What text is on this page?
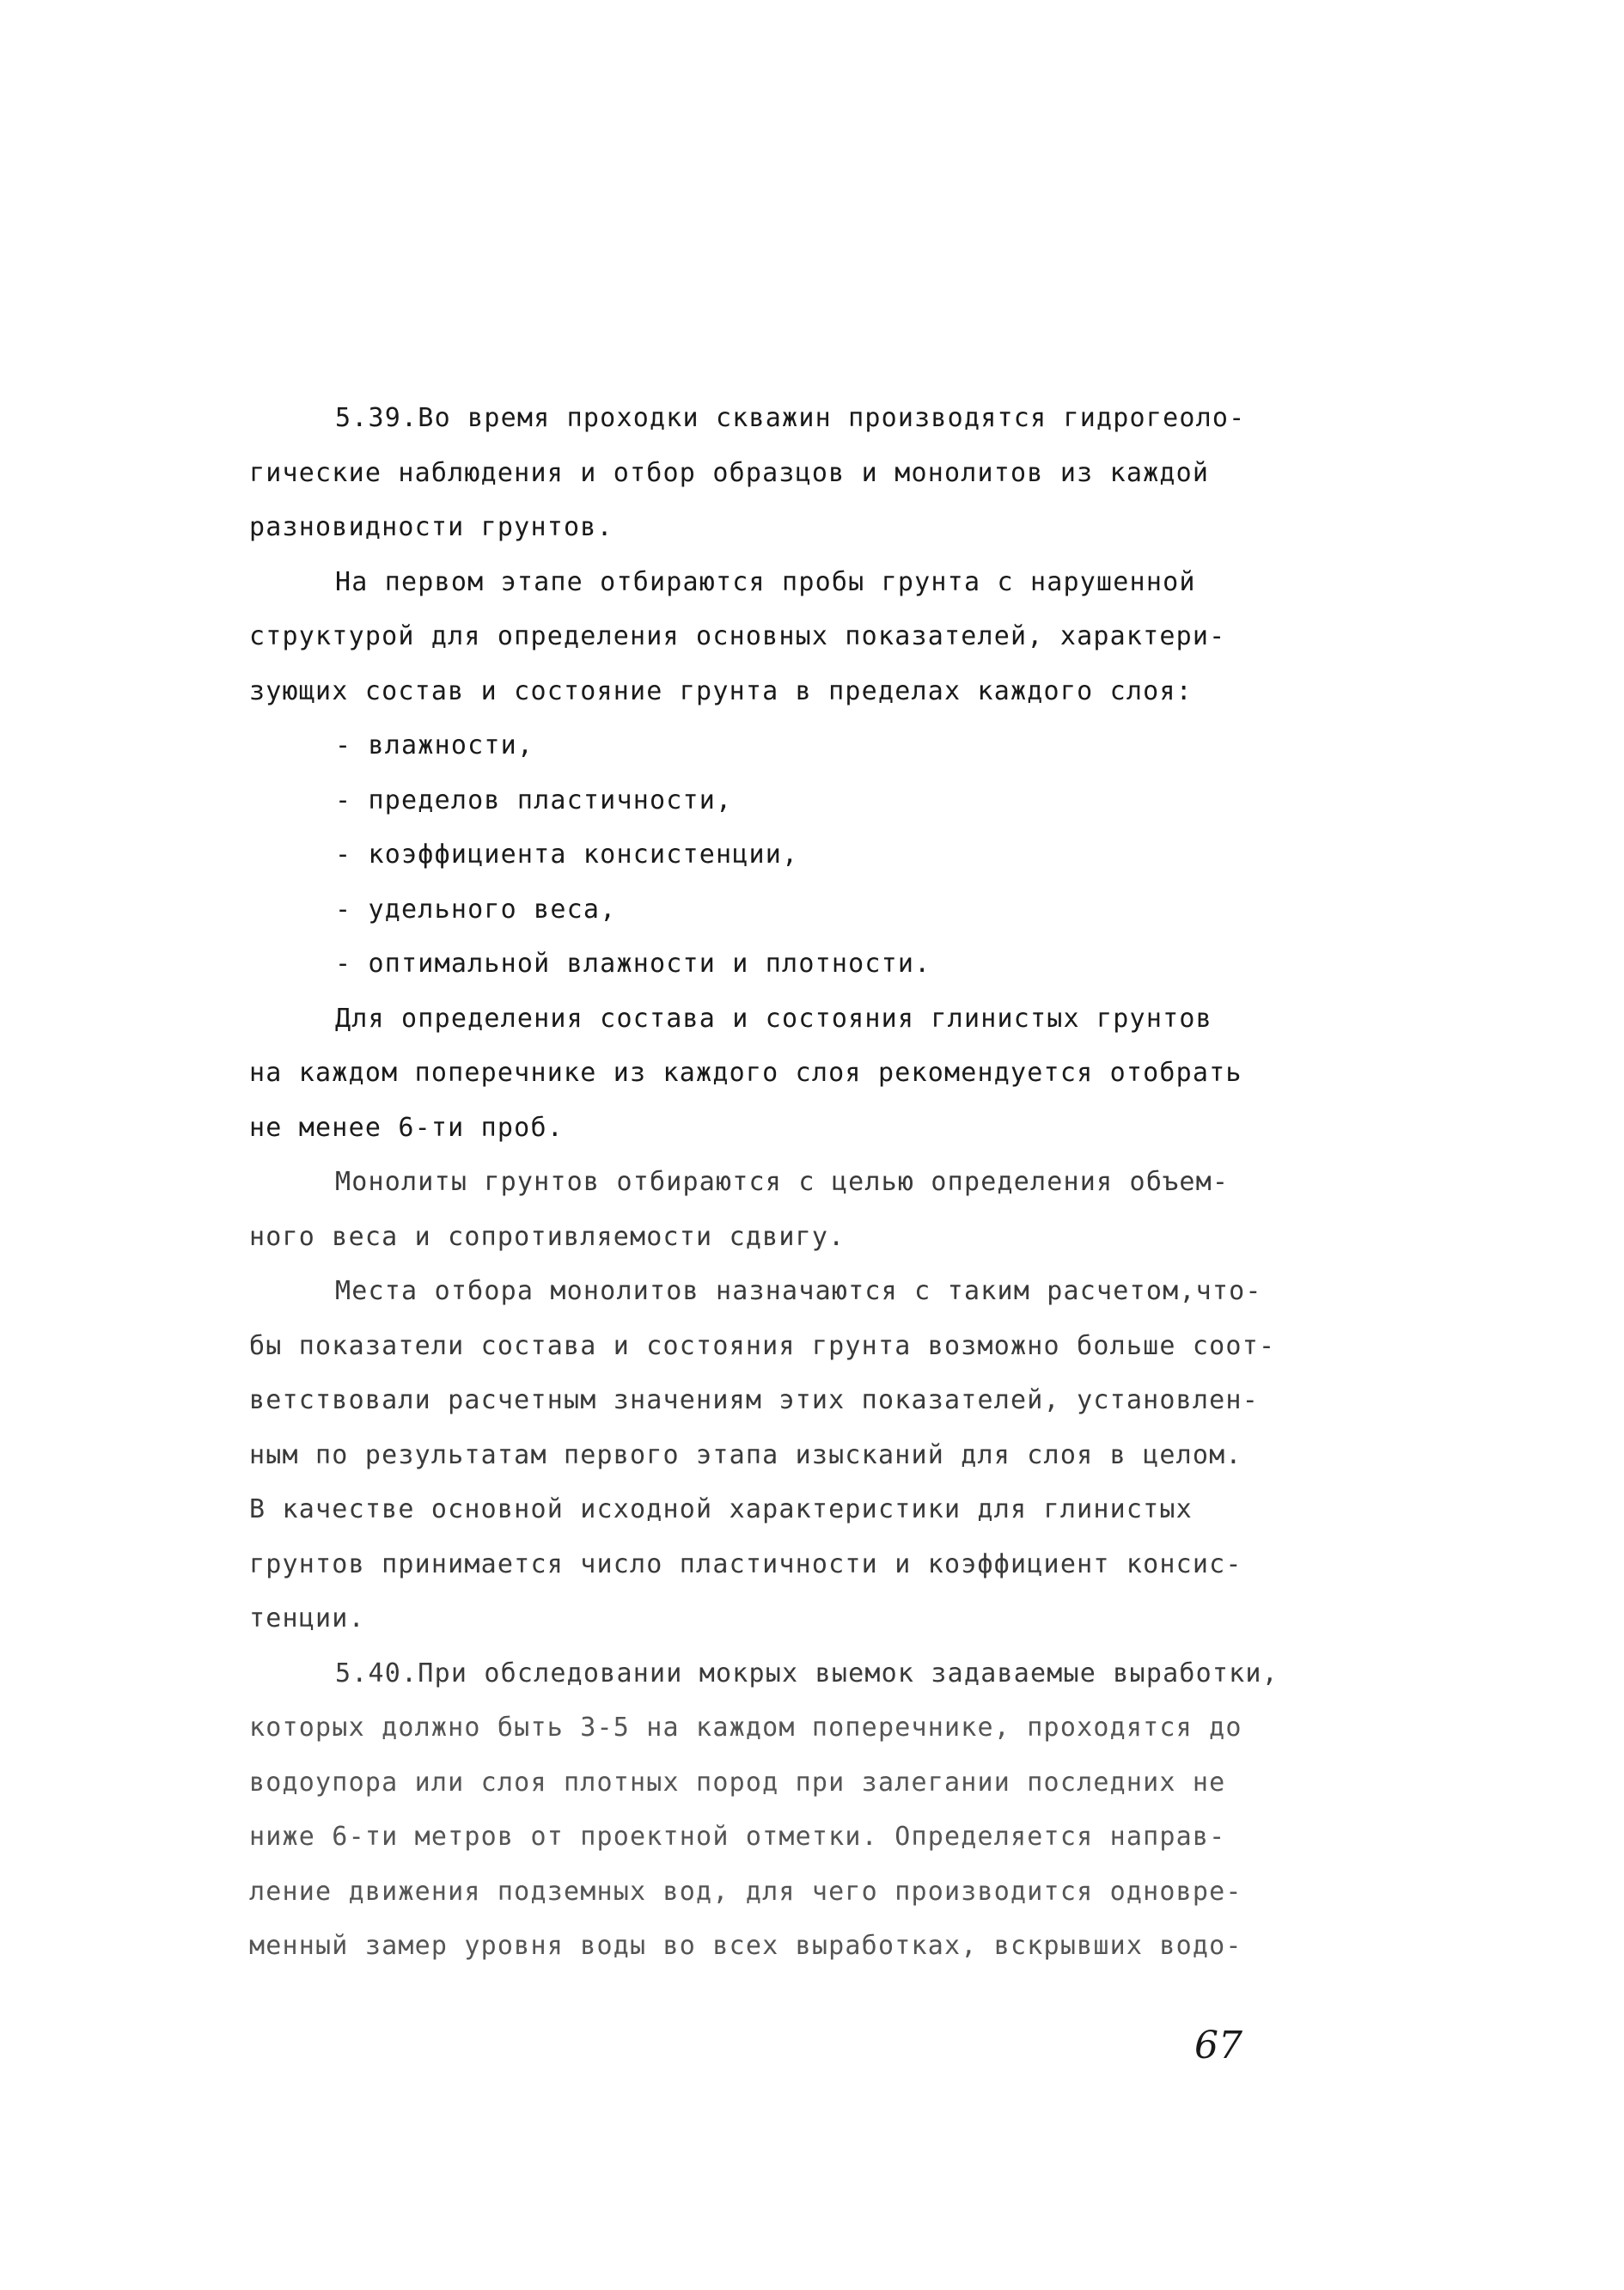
5.39.Во время проходки скважин производятся гидрогеоло-
гические наблюдения и отбор образцов и монолитов из каждой
разновидности грунтов.
На первом этапе отбираются пробы грунта с нарушенной
структурой для определения основных показателей, характери-
зующих состав и состояние грунта в пределах каждого слоя:
- влажности,
- пределов пластичности,
- коэффициента консистенции,
- удельного веса,
- оптимальной влажности и плотности.
Для определения состава и состояния глинистых грунтов
на каждом поперечнике из каждого слоя рекомендуется отобрать
не менее 6-ти проб.
Монолиты грунтов отбираются с целью определения объем-
ного веса и сопротивляемости сдвигу.
Места отбора монолитов назначаются с таким расчетом,что-
бы показатели состава и состояния грунта возможно больше соот-
ветствовали расчетным значениям этих показателей, установлен-
ным по результатам первого этапа изысканий для слоя в целом.
В качестве основной исходной характеристики для глинистых
грунтов принимается число пластичности и коэффициент консис-
тенции.
5.40.При обследовании мокрых выемок задаваемые выработки,
которых должно быть 3-5 на каждом поперечнике, проходятся до
водоупора или слоя плотных пород при залегании последних не
ниже 6-ти метров от проектной отметки. Определяется направ-
ление движения подземных вод, для чего производится одновре-
менный замер уровня воды во всех выработках, вскрывших водо-
67
